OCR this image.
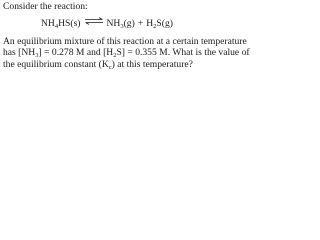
Consider the reaction:

$NH_4HS(s)$ ⇌ $NH_3(g) + H_2S(g)$
An equilibrium mixture of this reaction at a certain temperature
has $[NH_3] = 0.278$ M and $[H_2S] = 0.355$ M. What is the value of
the equilibrium constant $(K_c)$ at this temperature?
